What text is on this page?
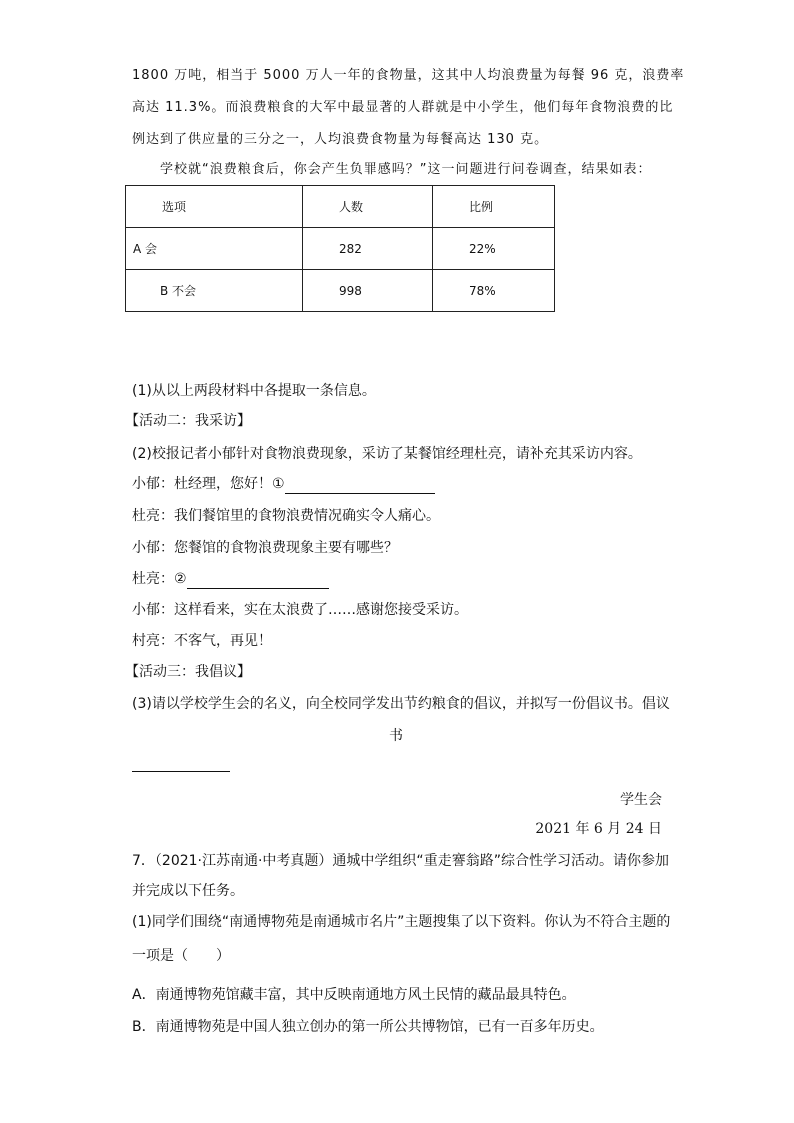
1800 万吨，相当于 5000 万人一年的食物量，这其中人均浪费量为每餐 96 克，浪费率
高达 11.3%。而浪费粮食的大军中最显著的人群就是中小学生，他们每年食物浪费的比
例达到了供应量的三分之一，人均浪费食物量为每餐高达 130 克。
学校就“浪费粮食后，你会产生负罪感吗？”这一问题进行问卷调查，结果如表：
选项	人数	比例
A 会	282	22%
B 不会	998	78%
(1)从以上两段材料中各提取一条信息。
【活动二：我采访】
(2)校报记者小郁针对食物浪费现象，采访了某餐馆经理杜亮，请补充其采访内容。
小郁：杜经理，您好！①
杜亮：我们餐馆里的食物浪费情况确实令人痛心。
小郁：您餐馆的食物浪费现象主要有哪些？
杜亮：②
小郁：这样看来，实在太浪费了……感谢您接受采访。
村亮：不客气，再见！
【活动三：我倡议】
(3)请以学校学生会的名义，向全校同学发出节约粮食的倡议，并拟写一份倡议书。倡议
书
学生会
2021 年 6 月 24 日
7．（2021·江苏南通·中考真题）通城中学组织“重走謇翁路”综合性学习活动。请你参加
并完成以下任务。
(1)同学们围绕“南通博物苑是南通城市名片”主题搜集了以下资料。你认为不符合主题的
一项是（　　）
A．南通博物苑馆藏丰富，其中反映南通地方风土民情的藏品最具特色。
B．南通博物苑是中国人独立创办的第一所公共博物馆，已有一百多年历史。
